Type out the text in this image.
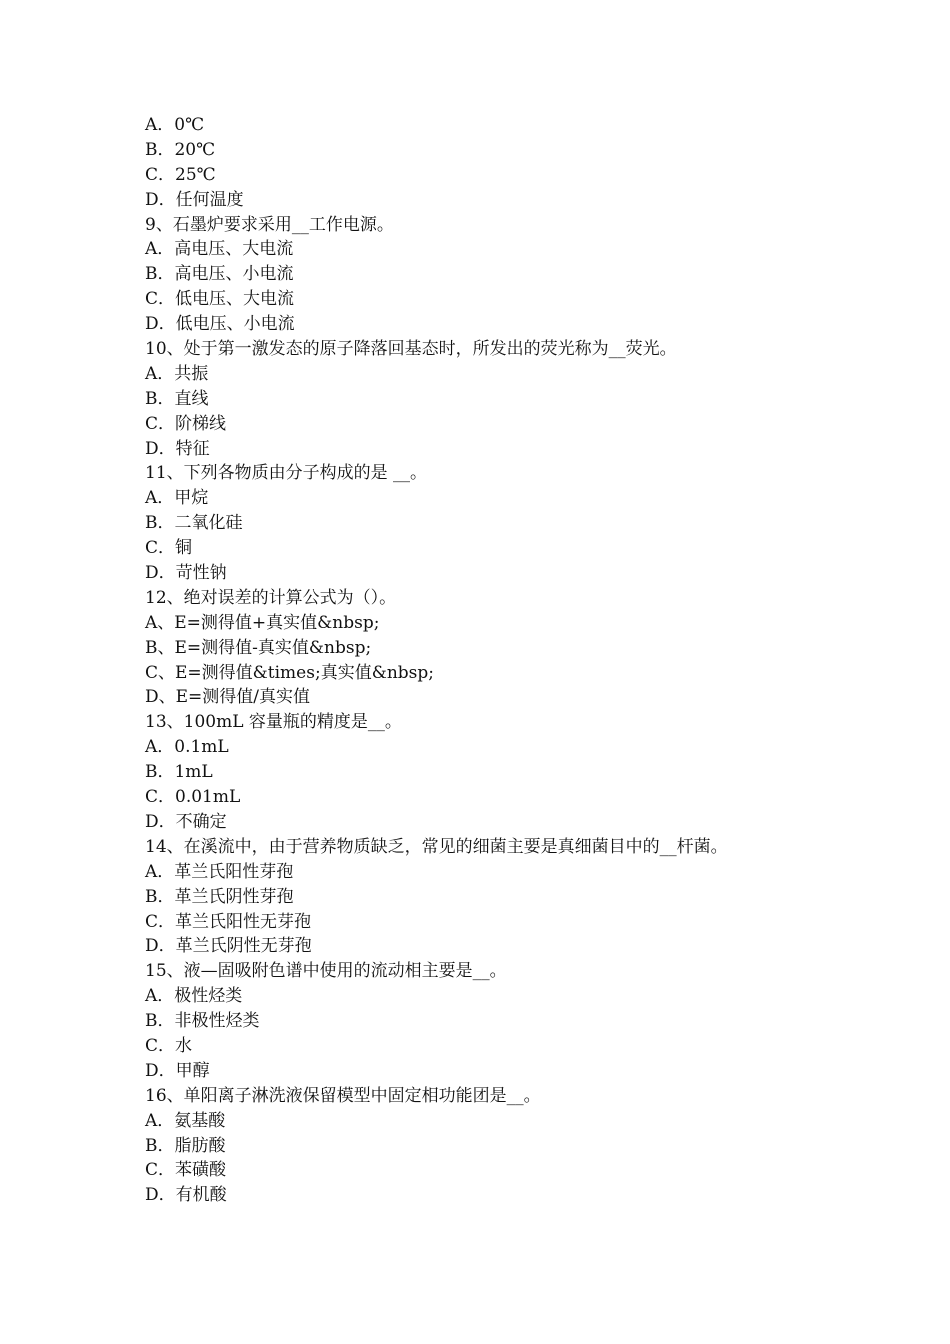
A．0℃
B．20℃
C．25℃
D．任何温度
9、石墨炉要求采用__工作电源。
A．高电压、大电流
B．高电压、小电流
C．低电压、大电流
D．低电压、小电流
10、处于第一激发态的原子降落回基态时，所发出的荧光称为__荧光。
A．共振
B．直线
C．阶梯线
D．特征
11、下列各物质由分子构成的是 __。
A．甲烷
B．二氧化硅
C．铜
D．苛性钠
12、绝对误差的计算公式为（）。
A、E=测得值+真实值&nbsp;
B、E=测得值-真实值&nbsp;
C、E=测得值&times;真实值&nbsp;
D、E=测得值/真实值
13、100mL 容量瓶的精度是__。
A．0.1mL
B．1mL
C．0.01mL
D．不确定
14、在溪流中，由于营养物质缺乏，常见的细菌主要是真细菌目中的__杆菌。
A．革兰氏阳性芽孢
B．革兰氏阴性芽孢
C．革兰氏阳性无芽孢
D．革兰氏阴性无芽孢
15、液—固吸附色谱中使用的流动相主要是__。
A．极性烃类
B．非极性烃类
C．水
D．甲醇
16、单阳离子淋洗液保留模型中固定相功能团是__。
A．氨基酸
B．脂肪酸
C．苯磺酸
D．有机酸
